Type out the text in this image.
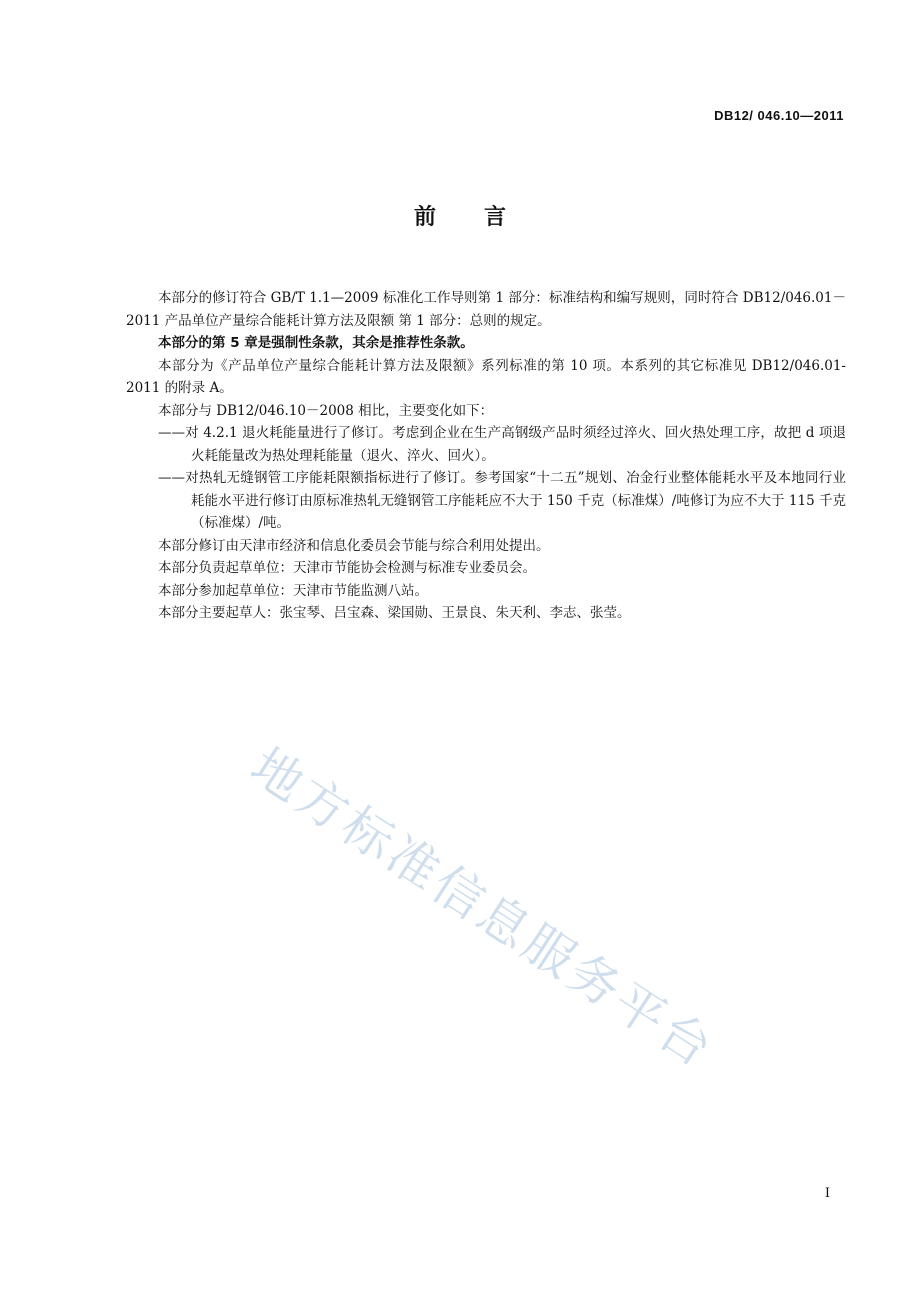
DB12/ 046.10—2011
前言

本部分的修订符合 GB/T 1.1—2009 标准化工作导则第 1 部分：标准结构和编写规则，同时符合 DB12/046.01－2011 产品单位产量综合能耗计算方法及限额 第 1 部分：总则的规定。

本部分的第 5 章是强制性条款，其余是推荐性条款。

本部分为《产品单位产量综合能耗计算方法及限额》系列标准的第 10 项。本系列的其它标准见 DB12/046.01-2011 的附录 A。

本部分与 DB12/046.10－2008 相比，主要变化如下：

——对 4.2.1 退火耗能量进行了修订。考虑到企业在生产高钢级产品时须经过淬火、回火热处理工序，故把 d 项退火耗能量改为热处理耗能量（退火、淬火、回火）。

——对热轧无缝钢管工序能耗限额指标进行了修订。参考国家“十二五”规划、冶金行业整体能耗水平及本地同行业耗能水平进行修订由原标准热轧无缝钢管工序能耗应不大于 150 千克（标准煤）/吨修订为应不大于 115 千克（标准煤）/吨。

本部分修订由天津市经济和信息化委员会节能与综合利用处提出。

本部分负责起草单位：天津市节能协会检测与标准专业委员会。

本部分参加起草单位：天津市节能监测八站。

本部分主要起草人：张宝琴、吕宝森、梁国勋、王景良、朱天利、李志、张莹。

地方标准信息服务平台
I
